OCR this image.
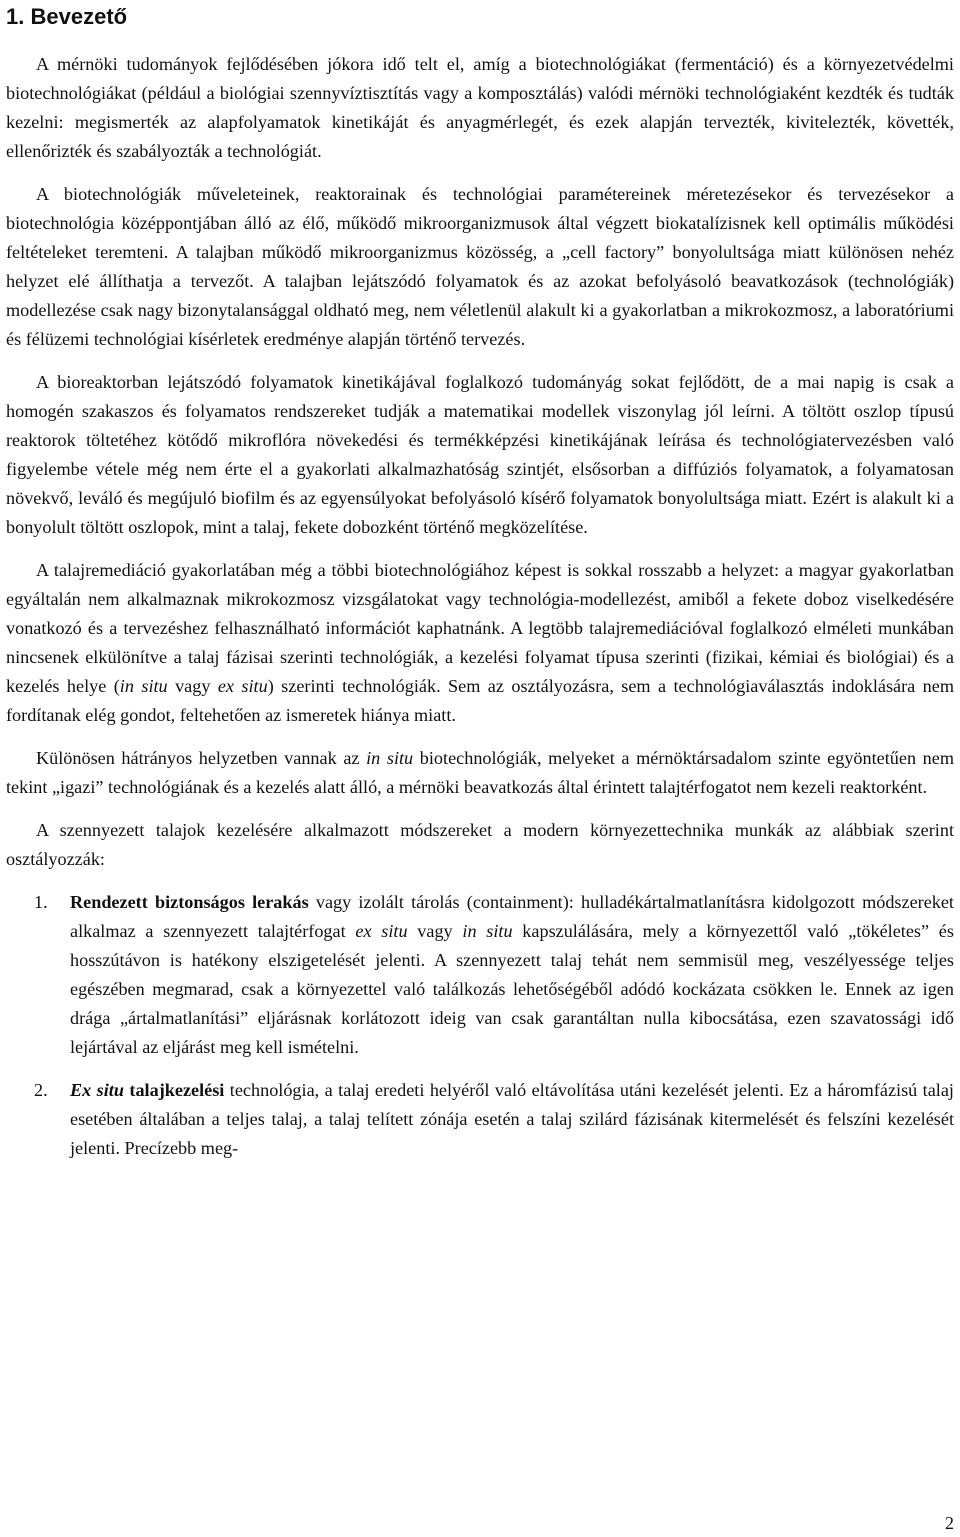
1. Bevezető

A mérnöki tudományok fejlődésében jókora idő telt el, amíg a biotechnológiákat (fermentáció) és a környezetvédelmi biotechnológiákat (például a biológiai szennyvíztisztítás vagy a komposztálás) valódi mérnöki technológiaként kezdték és tudták kezelni: megismerték az alapfolyamatok kinetikáját és anyagmérlegét, és ezek alapján tervezték, kivitelezték, követték, ellenőrizték és szabályozták a technológiát.

A biotechnológiák műveleteinek, reaktorainak és technológiai paramétereinek méretezésekor és tervezésekor a biotechnológia középpontjában álló az élő, működő mikroorganizmusok által végzett biokatalízisnek kell optimális működési feltételeket teremteni. A talajban működő mikroorganizmus közösség, a „cell factory” bonyolultsága miatt különösen nehéz helyzet elé állíthatja a tervezőt. A talajban lejátszódó folyamatok és az azokat befolyásoló beavatkozások (technológiák) modellezése csak nagy bizonytalansággal oldható meg, nem véletlenül alakult ki a gyakorlatban a mikrokozmosz, a laboratóriumi és félüzemi technológiai kísérletek eredménye alapján történő tervezés.

A bioreaktorban lejátszódó folyamatok kinetikájával foglalkozó tudományág sokat fejlődött, de a mai napig is csak a homogén szakaszos és folyamatos rendszereket tudják a matematikai modellek viszonylag jól leírni. A töltött oszlop típusú reaktorok töltetéhez kötődő mikroflóra növekedési és termékképzési kinetikájának leírása és technológiatervezésben való figyelembe vétele még nem érte el a gyakorlati alkalmazhatóság szintjét, elsősorban a diffúziós folyamatok, a folyamatosan növekvő, leváló és megújuló biofilm és az egyensúlyokat befolyásoló kísérő folyamatok bonyolultsága miatt. Ezért is alakult ki a bonyolult töltött oszlopok, mint a talaj, fekete dobozként történő megközelítése.

A talajremediáció gyakorlatában még a többi biotechnológiához képest is sokkal rosszabb a helyzet: a magyar gyakorlatban egyáltalán nem alkalmaznak mikrokozmosz vizsgálatokat vagy technológia-modellezést, amiből a fekete doboz viselkedésére vonatkozó és a tervezéshez felhasználható információt kaphatnánk. A legtöbb talajremediációval foglalkozó elméleti munkában nincsenek elkülönítve a talaj fázisai szerinti technológiák, a kezelési folyamat típusa szerinti (fizikai, kémiai és biológiai) és a kezelés helye (in situ vagy ex situ) szerinti technológiák. Sem az osztályozásra, sem a technológiaválasztás indoklására nem fordítanak elég gondot, feltehetően az ismeretek hiánya miatt.

Különösen hátrányos helyzetben vannak az in situ biotechnológiák, melyeket a mérnöktársadalom szinte egyöntetűen nem tekint „igazi” technológiának és a kezelés alatt álló, a mérnöki beavatkozás által érintett talajtérfogatot nem kezeli reaktorként.

A szennyezett talajok kezelésére alkalmazott módszereket a modern környezettechnika munkák az alábbiak szerint osztályozzák:

1.	Rendezett biztonságos lerakás vagy izolált tárolás (containment): hulladékártalmatlanításra kidolgozott módszereket alkalmaz a szennyezett talajtérfogat ex situ vagy in situ kapszulálására, mely a környezettől való „tökéletes” és hosszútávon is hatékony elszigetelését jelenti. A szennyezett talaj tehát nem semmisül meg, veszélyessége teljes egészében megmarad, csak a környezettel való találkozás lehetőségéből adódó kockázata csökken le. Ennek az igen drága „ártalmatlanítási” eljárásnak korlátozott ideig van csak garantáltan nulla kibocsátása, ezen szavatossági idő lejártával az eljárást meg kell ismételni.

2.	Ex situ talajkezelési technológia, a talaj eredeti helyéről való eltávolítása utáni kezelését jelenti. Ez a háromfázisú talaj esetében általában a teljes talaj, a talaj telített zónája esetén a talaj szilárd fázisának kitermelését és felszíni kezelését jelenti. Precízebb meg-

2
